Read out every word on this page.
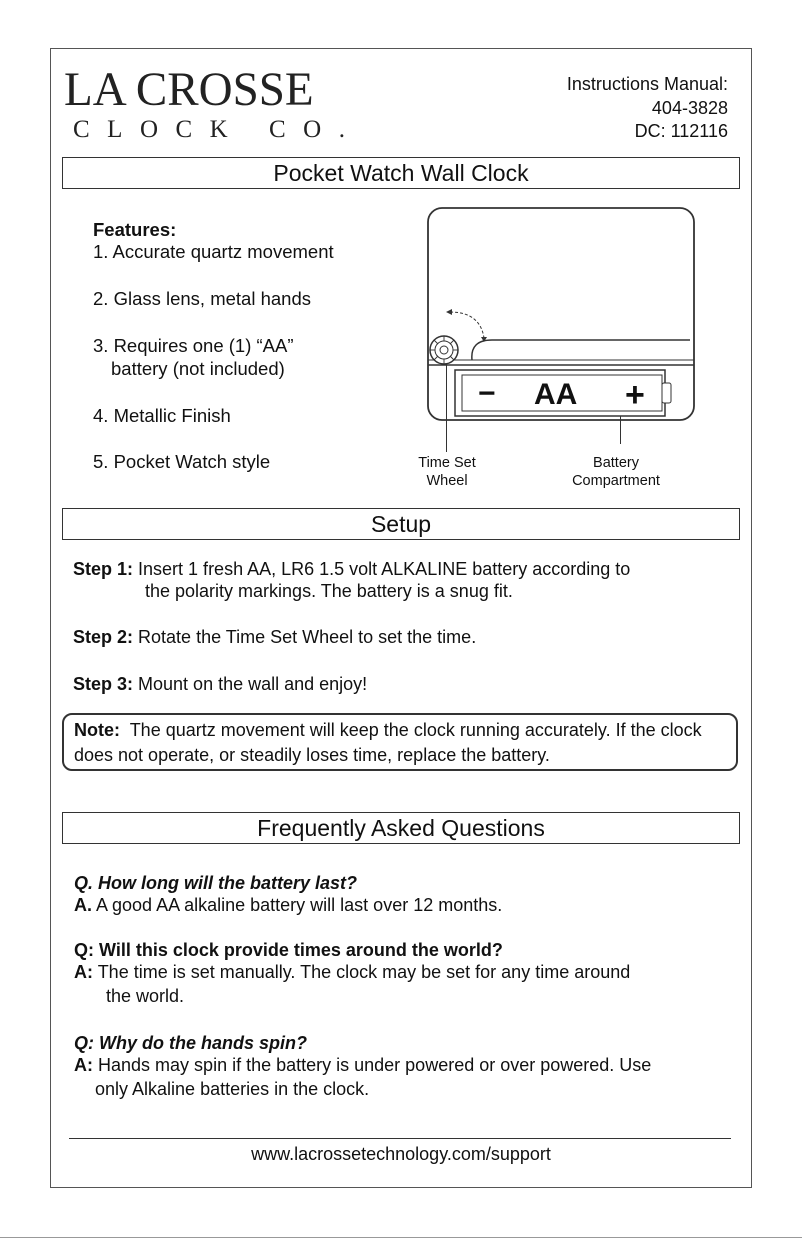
LA CROSSE
CLOCK CO.
Instructions Manual:
404-3828
DC: 112116
Pocket Watch Wall Clock
Features:
1. Accurate quartz movement
2. Glass lens, metal hands
3. Requires one (1) “AA”
battery (not included)
4. Metallic Finish
5. Pocket Watch style
− AA +
Time Set
Wheel
Battery
Compartment
Setup
Step 1: Insert 1 fresh AA, LR6 1.5 volt ALKALINE battery according to
the polarity markings. The battery is a snug fit.
Step 2: Rotate the Time Set Wheel to set the time.
Step 3: Mount on the wall and enjoy!
Note: The quartz movement will keep the clock running accurately. If the clock does not operate, or steadily loses time, replace the battery.
Frequently Asked Questions
Q. How long will the battery last?
A. A good AA alkaline battery will last over 12 months.
Q: Will this clock provide times around the world?
A: The time is set manually. The clock may be set for any time around
the world.
Q: Why do the hands spin?
A: Hands may spin if the battery is under powered or over powered. Use
only Alkaline batteries in the clock.
www.lacrossetechnology.com/support
